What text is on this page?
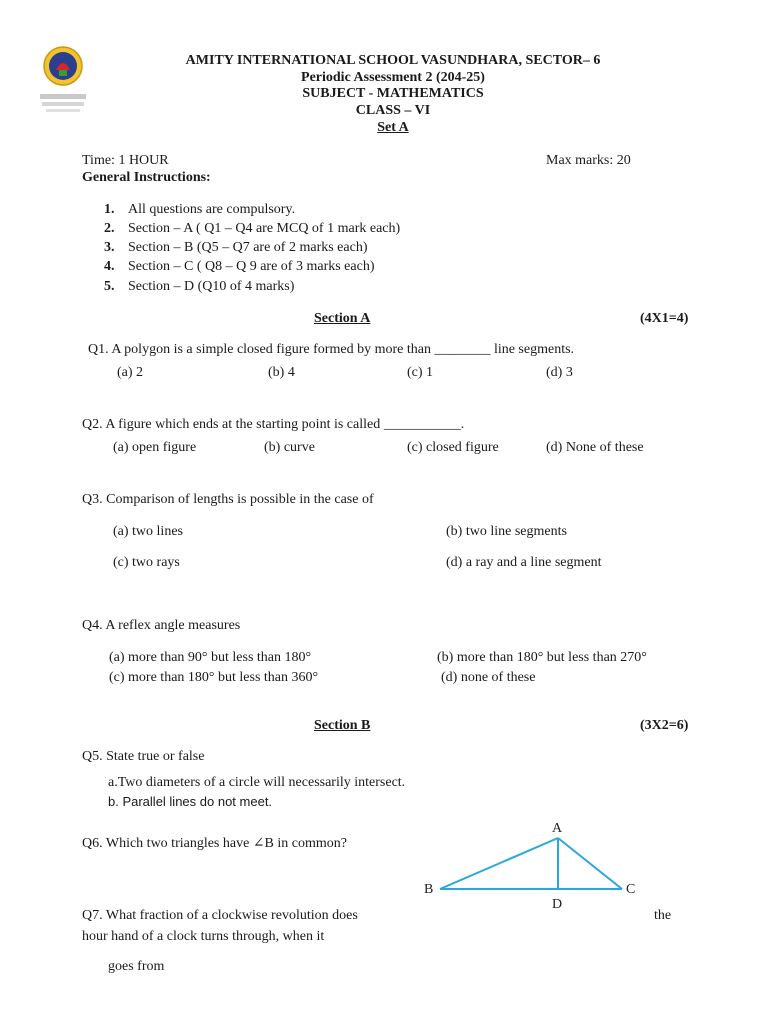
AMITY INTERNATIONAL SCHOOL VASUNDHARA, SECTOR– 6
Periodic Assessment 2 (204-25)
SUBJECT - MATHEMATICS
CLASS – VI
Set A
Time: 1 HOUR	Max marks: 20
General Instructions:
1. All questions are compulsory.
2. Section – A ( Q1 – Q4 are MCQ of 1 mark each)
3. Section – B (Q5 – Q7 are of 2 marks each)
4. Section – C ( Q8 – Q 9 are of 3 marks each)
5. Section – D (Q10 of 4 marks)
Section A	(4X1=4)
Q1. A polygon is a simple closed figure formed by more than ________ line segments.
(a) 2	(b) 4	(c) 1	(d) 3
Q2. A figure which ends at the starting point is called ___________.
(a) open figure	(b) curve	(c) closed figure	(d) None of these
Q3. Comparison of lengths is possible in the case of
(a) two lines	(b) two line segments
(c) two rays	(d) a ray and a line segment
Q4. A reflex angle measures
(a) more than 90° but less than 180°	(b) more than 180° but less than 270°
(c) more than 180° but less than 360°	(d) none of these
Section B	(3X2=6)
Q5. State true or false
a.Two diameters of a circle will necessarily intersect.
b. Parallel lines do not meet.
Q6. Which two triangles have ∠B in common?
A
B	C
D
Q7. What fraction of a clockwise revolution does	the
hour hand of a clock turns through, when it
goes from
